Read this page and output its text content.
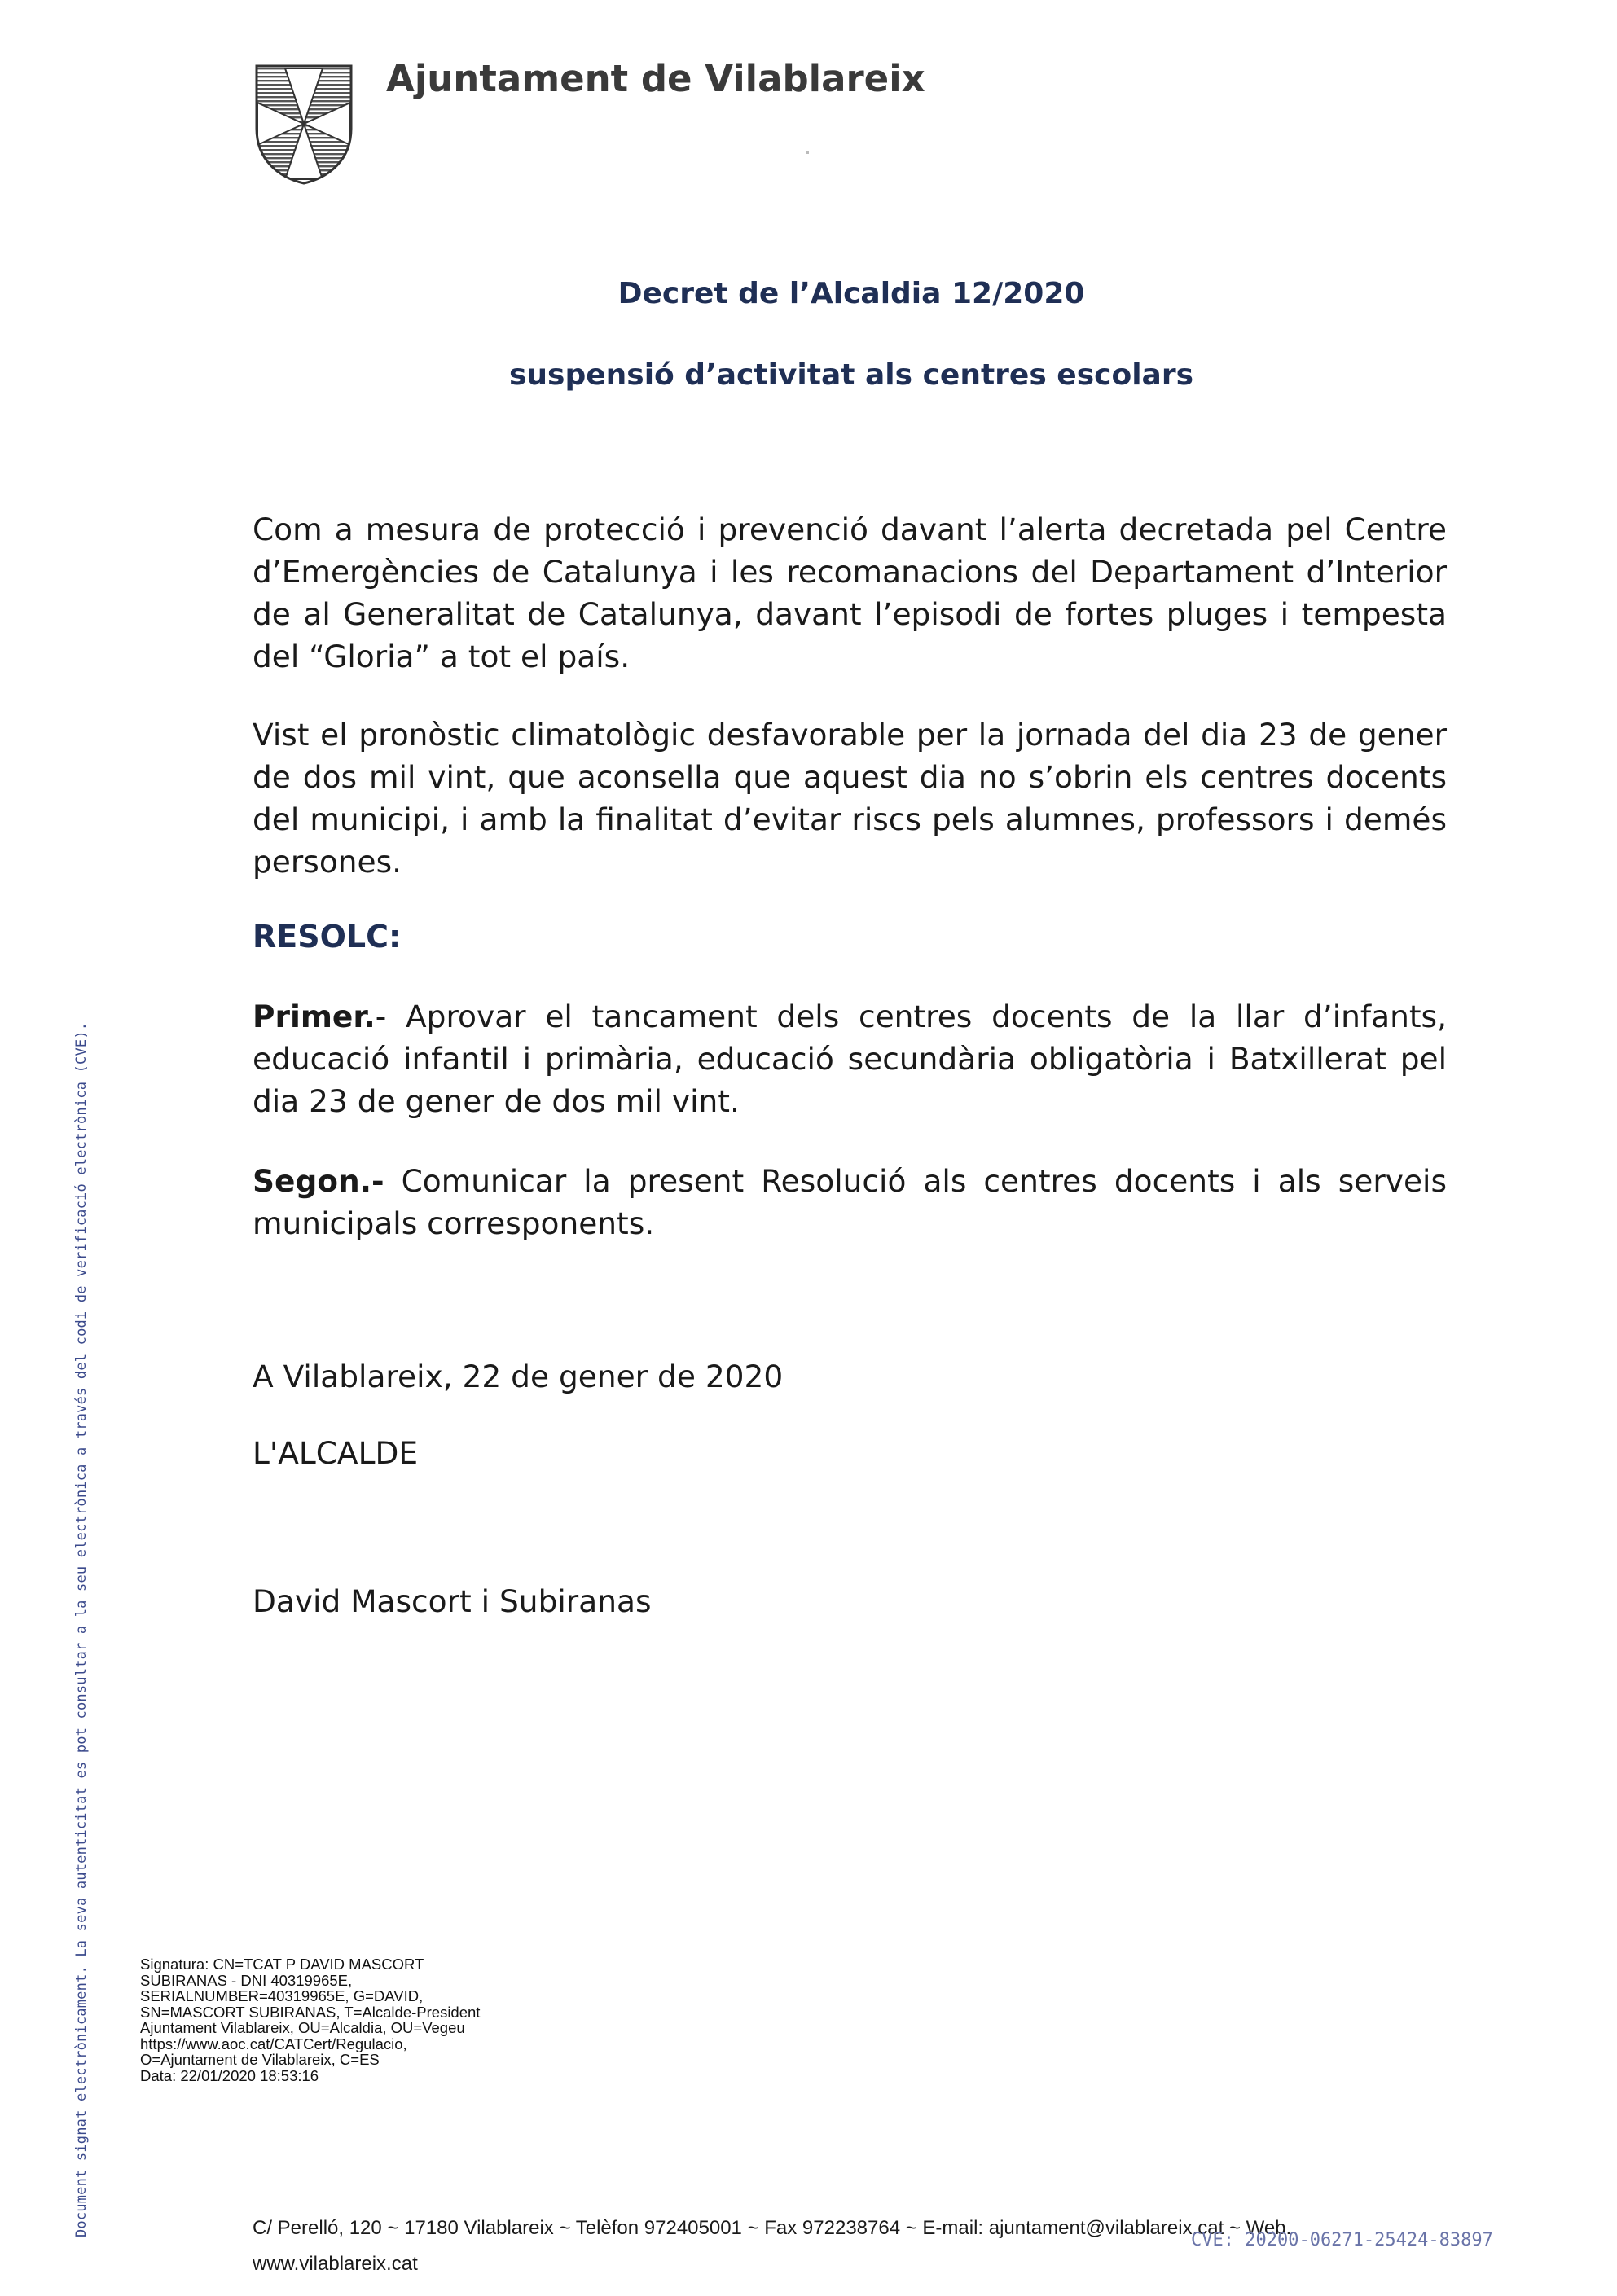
Ajuntament de Vilablareix
Decret de l’Alcaldia 12/2020
suspensió d’activitat als centres escolars
Com a mesura de protecció i prevenció davant l’alerta decretada pel Centre d’Emergències de Catalunya i les recomanacions del Departament d’Interior de al Generalitat de Catalunya, davant l’episodi de fortes pluges i tempesta del “Gloria” a tot el país.
Vist el pronòstic climatològic desfavorable per la jornada del dia 23 de gener de dos mil vint, que aconsella que aquest dia no s’obrin els centres docents del municipi, i amb la finalitat d’evitar riscs pels alumnes, professors i demés persones.
RESOLC:
Primer.- Aprovar el tancament dels centres docents de la llar d’infants, educació infantil i primària, educació secundària obligatòria i Batxillerat pel dia 23 de gener de dos mil vint.
Segon.- Comunicar la present Resolució als centres docents i als serveis municipals corresponents.
A Vilablareix, 22 de gener de 2020
L'ALCALDE
David Mascort i Subiranas
Signatura: CN=TCAT P DAVID MASCORT
SUBIRANAS - DNI 40319965E,
SERIALNUMBER=40319965E, G=DAVID,
SN=MASCORT SUBIRANAS, T=Alcalde-President
Ajuntament Vilablareix, OU=Alcaldia, OU=Vegeu
https://www.aoc.cat/CATCert/Regulacio,
O=Ajuntament de Vilablareix, C=ES
Data: 22/01/2020 18:53:16
Document signat electrònicament. La seva autenticitat es pot consultar a la seu electrònica a través del codi de verificació electrònica (CVE).	C/ Perelló, 120 ~ 17180 Vilablareix ~ Telèfon 972405001 ~ Fax 972238764 ~ E-mail: ajuntament@vilablareix.cat ~ Web.
www.vilablareix.cat
CVE: 20200-06271-25424-83897
